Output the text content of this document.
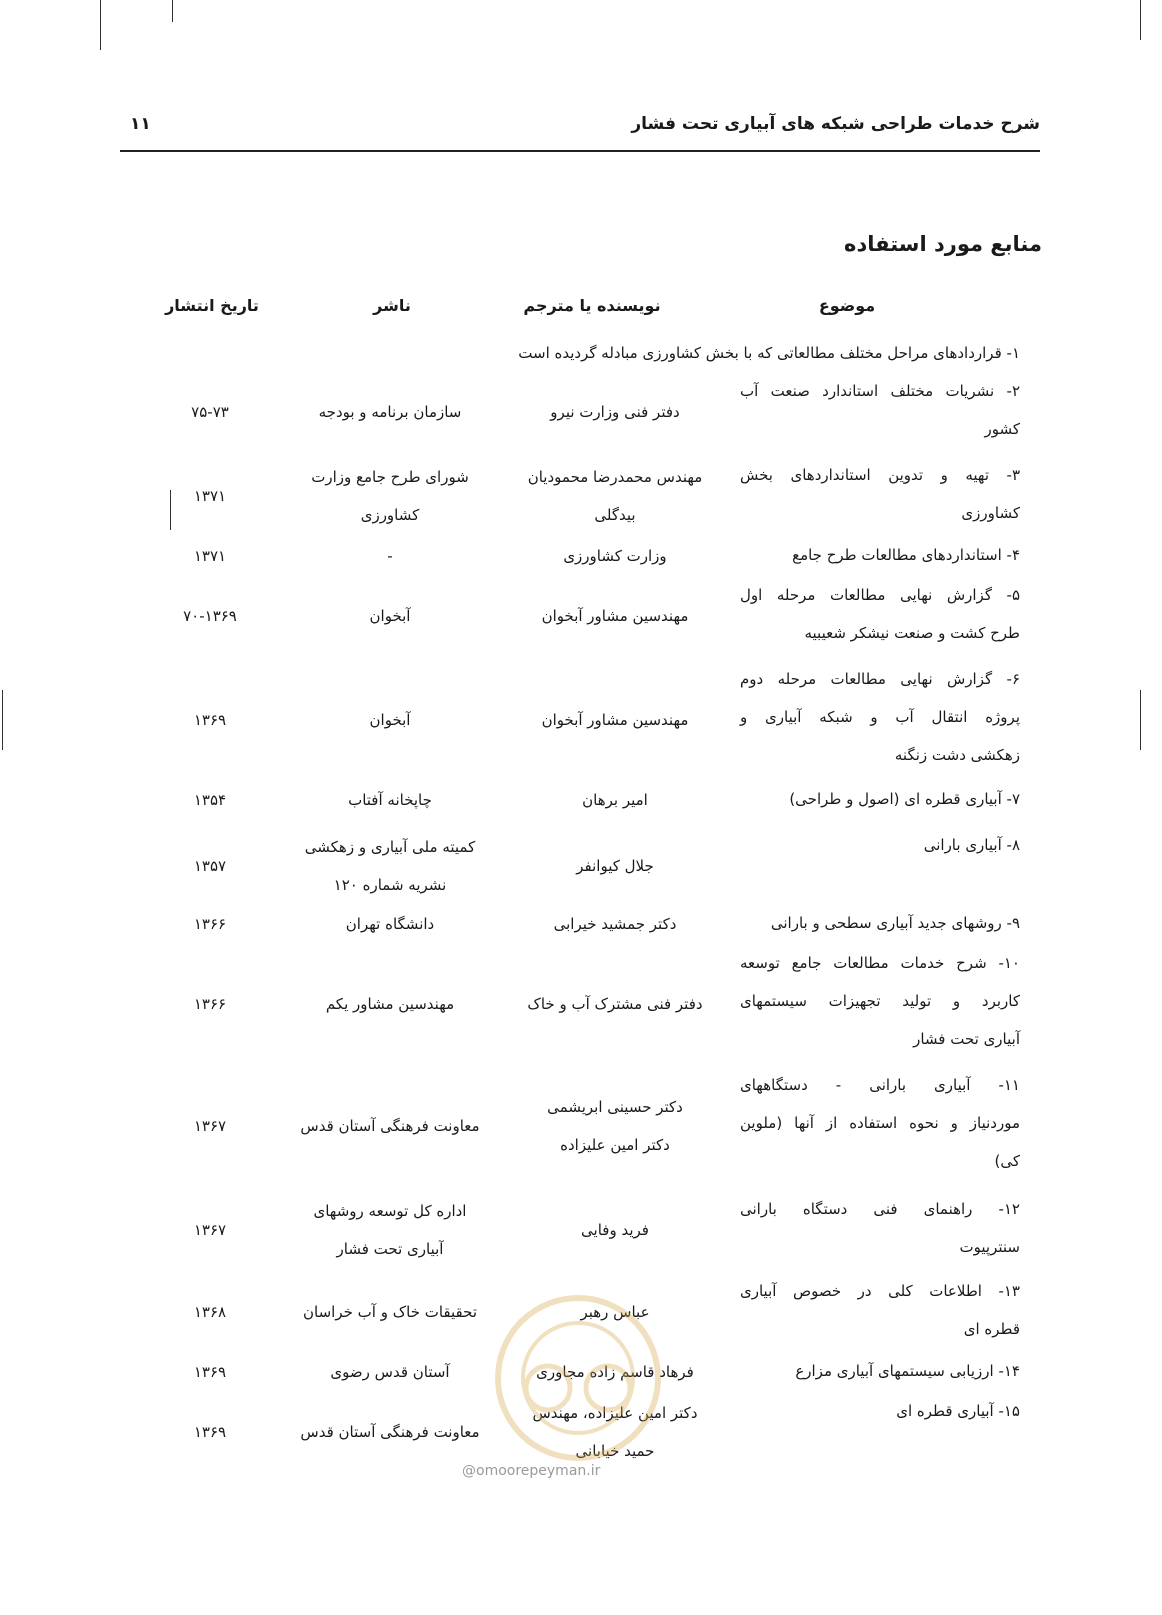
شرح خدمات طراحی شبکه های آبیاری تحت فشار
۱۱
منابع مورد استفاده
موضوع
نویسنده یا مترجم
ناشر
تاریخ انتشار
۱- قراردادهای مراحل مختلف مطالعاتی که با بخش کشاورزی مبادله گردیده است
۲- نشریات مختلف استاندارد صنعت آب
کشور
دفتر فنی وزارت نیرو
سازمان برنامه و بودجه
۷۵-۷۳
۳- تهیه و تدوین استانداردهای بخش
کشاورزی
مهندس محمدرضا محمودیان
بیدگلی
شورای طرح جامع وزارت
کشاورزی
۱۳۷۱
۴- استانداردهای مطالعات طرح جامع
وزارت کشاورزی
-
۱۳۷۱
۵- گزارش نهایی مطالعات مرحله اول
طرح کشت و صنعت نیشکر شعیبیه
مهندسین مشاور آبخوان
آبخوان
۷۰-۱۳۶۹
۶- گزارش نهایی مطالعات مرحله دوم
پروژه انتقال آب و شبکه آبیاری و
زهکشی دشت زنگنه
مهندسین مشاور آبخوان
آبخوان
۱۳۶۹
۷- آبیاری قطره ای (اصول و طراحی)
امیر برهان
چاپخانه آفتاب
۱۳۵۴
۸- آبیاری بارانی
جلال کیوانفر
کمیته ملی آبیاری و زهکشی
نشریه شماره ۱۲۰
۱۳۵۷
۹- روشهای جدید آبیاری سطحی و بارانی
دکتر جمشید خیرابی
دانشگاه تهران
۱۳۶۶
۱۰- شرح خدمات مطالعات جامع توسعه
کاربرد و تولید تجهیزات سیستمهای
آبیاری تحت فشار
دفتر فنی مشترک آب و خاک
مهندسین مشاور یکم
۱۳۶۶
۱۱- آبیاری بارانی - دستگاههای
موردنیاز و نحوه استفاده از آنها (ملوین
کی)
دکتر حسینی ابریشمی
دکتر امین علیزاده
معاونت فرهنگی آستان قدس
۱۳۶۷
۱۲- راهنمای فنی دستگاه بارانی
سنترپیوت
فرید وفایی
اداره کل توسعه روشهای
آبیاری تحت فشار
۱۳۶۷
۱۳- اطلاعات کلی در خصوص آبیاری
قطره ای
عباس رهبر
تحقیقات خاک و آب خراسان
۱۳۶۸
۱۴- ارزیابی سیستمهای آبیاری مزارع
فرهاد قاسم زاده مجاوری
آستان قدس رضوی
۱۳۶۹
۱۵- آبیاری قطره ای
دکتر امین علیزاده، مهندس
حمید خیابانی
معاونت فرهنگی آستان قدس
۱۳۶۹
@omoorepeyman.ir
